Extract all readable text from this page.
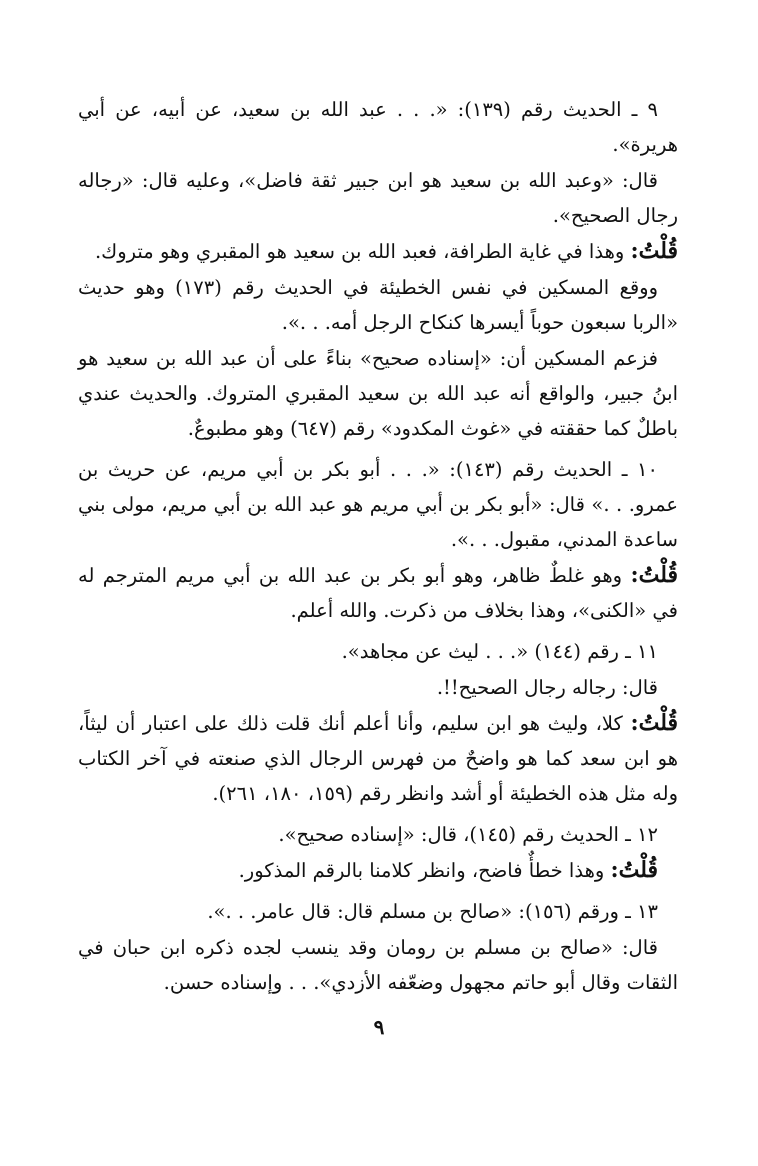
٩ ـ الحديث رقم (١٣٩): «. . . عبد الله بن سعيد، عن أبيه، عن أبي هريرة».

قال: «وعبد الله بن سعيد هو ابن جبير ثقة فاضل»، وعليه قال: «رجاله رجال الصحيح».

قُلْتُ: وهذا في غاية الطرافة، فعبد الله بن سعيد هو المقبري وهو متروك.

ووقع المسكين في نفس الخطيئة في الحديث رقم (١٧٣) وهو حديث «الربا سبعون حوباً أيسرها كنكاح الرجل أمه. . .».

فزعم المسكين أن: «إسناده صحيح» بناءً على أن عبد الله بن سعيد هو ابنُ جبير، والواقع أنه عبد الله بن سعيد المقبري المتروك. والحديث عندي باطلٌ كما حققته في «غوث المكدود» رقم (٦٤٧) وهو مطبوعٌ.

١٠ ـ الحديث رقم (١٤٣): «. . . أبو بكر بن أبي مريم، عن حريث بن عمرو. . .» قال: «أبو بكر بن أبي مريم هو عبد الله بن أبي مريم، مولى بني ساعدة المدني، مقبول. . .».

قُلْتُ: وهو غلطٌ ظاهر، وهو أبو بكر بن عبد الله بن أبي مريم المترجم له في «الكنى»، وهذا بخلاف من ذكرت. والله أعلم.

١١ ـ رقم (١٤٤) «. . . ليث عن مجاهد».

قال: رجاله رجال الصحيح!!.

قُلْتُ: كلا، وليث هو ابن سليم، وأنا أعلم أنك قلت ذلك على اعتبار أن ليثاً، هو ابن سعد كما هو واضحٌ من فهرس الرجال الذي صنعته في آخر الكتاب وله مثل هذه الخطيئة أو أشد وانظر رقم (١٥٩، ١٨٠، ٢٦١).

١٢ ـ الحديث رقم (١٤٥)، قال: «إسناده صحيح».

قُلْتُ: وهذا خطأٌ فاضح، وانظر كلامنا بالرقم المذكور.

١٣ ـ ورقم (١٥٦): «صالح بن مسلم قال: قال عامر. . .».

قال: «صالح بن مسلم بن رومان وقد ينسب لجده ذكره ابن حبان في الثقات وقال أبو حاتم مجهول وضعّفه الأزدي». . . وإسناده حسن.

٩
